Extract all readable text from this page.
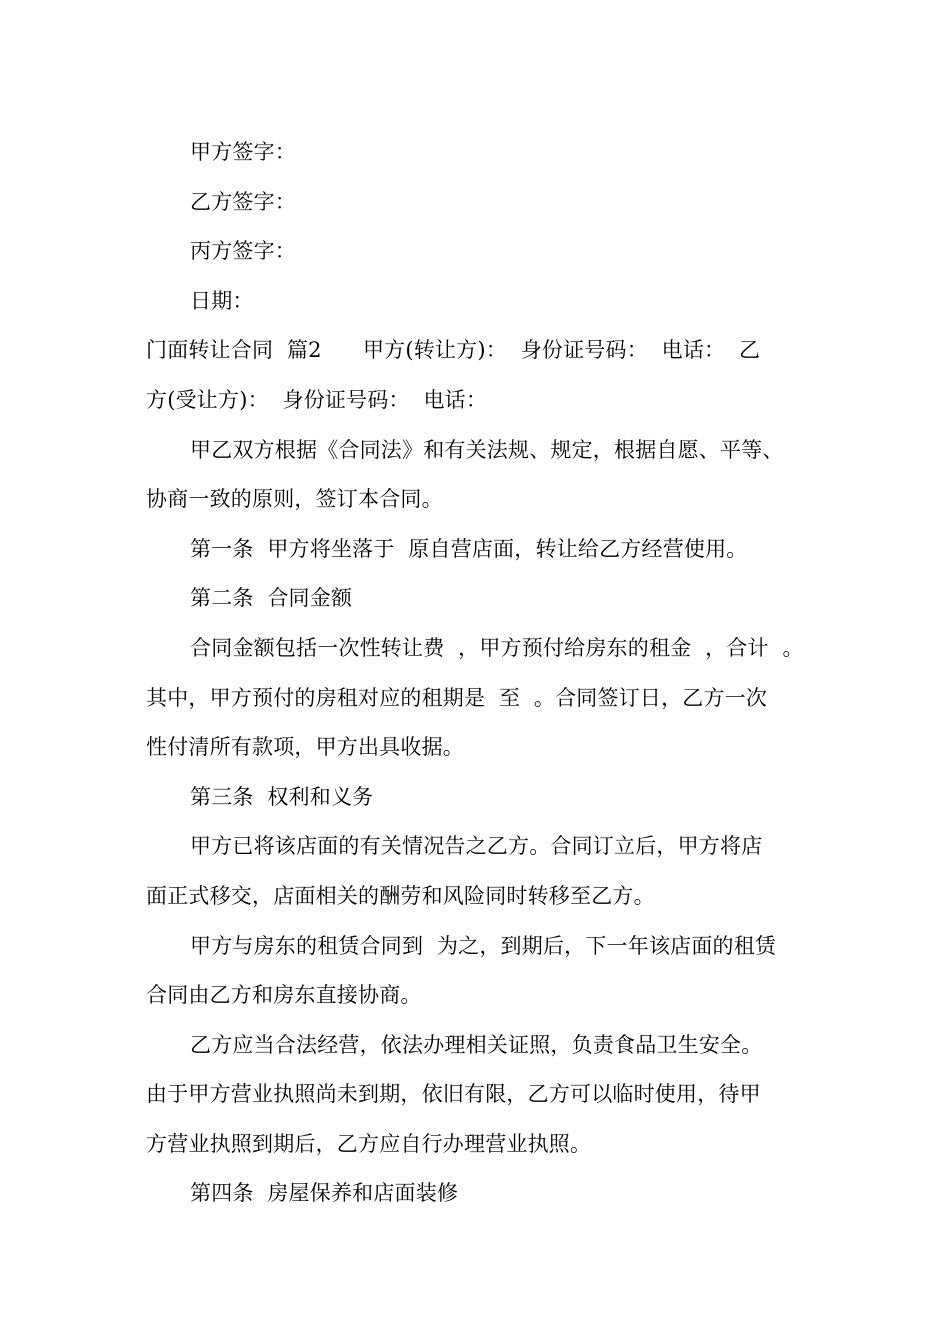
甲方签字：
乙方签字：
丙方签字：
日期：
门面转让合同  篇2      甲方(转让方)：  身份证号码：  电话：  乙
方(受让方)：  身份证号码：  电话：
甲乙双方根据《合同法》和有关法规、规定，根据自愿、平等、
协商一致的原则，签订本合同。
第一条  甲方将坐落于  原自营店面，转让给乙方经营使用。
第二条  合同金额
合同金额包括一次性转让费  ，甲方预付给房东的租金  ，合计  。
其中，甲方预付的房租对应的租期是  至  。合同签订日，乙方一次
性付清所有款项，甲方出具收据。
第三条  权利和义务
甲方已将该店面的有关情况告之乙方。合同订立后，甲方将店
面正式移交，店面相关的酬劳和风险同时转移至乙方。
甲方与房东的租赁合同到  为之，到期后，下一年该店面的租赁
合同由乙方和房东直接协商。
乙方应当合法经营，依法办理相关证照，负责食品卫生安全。
由于甲方营业执照尚未到期，依旧有限，乙方可以临时使用，待甲
方营业执照到期后，乙方应自行办理营业执照。
第四条  房屋保养和店面装修
